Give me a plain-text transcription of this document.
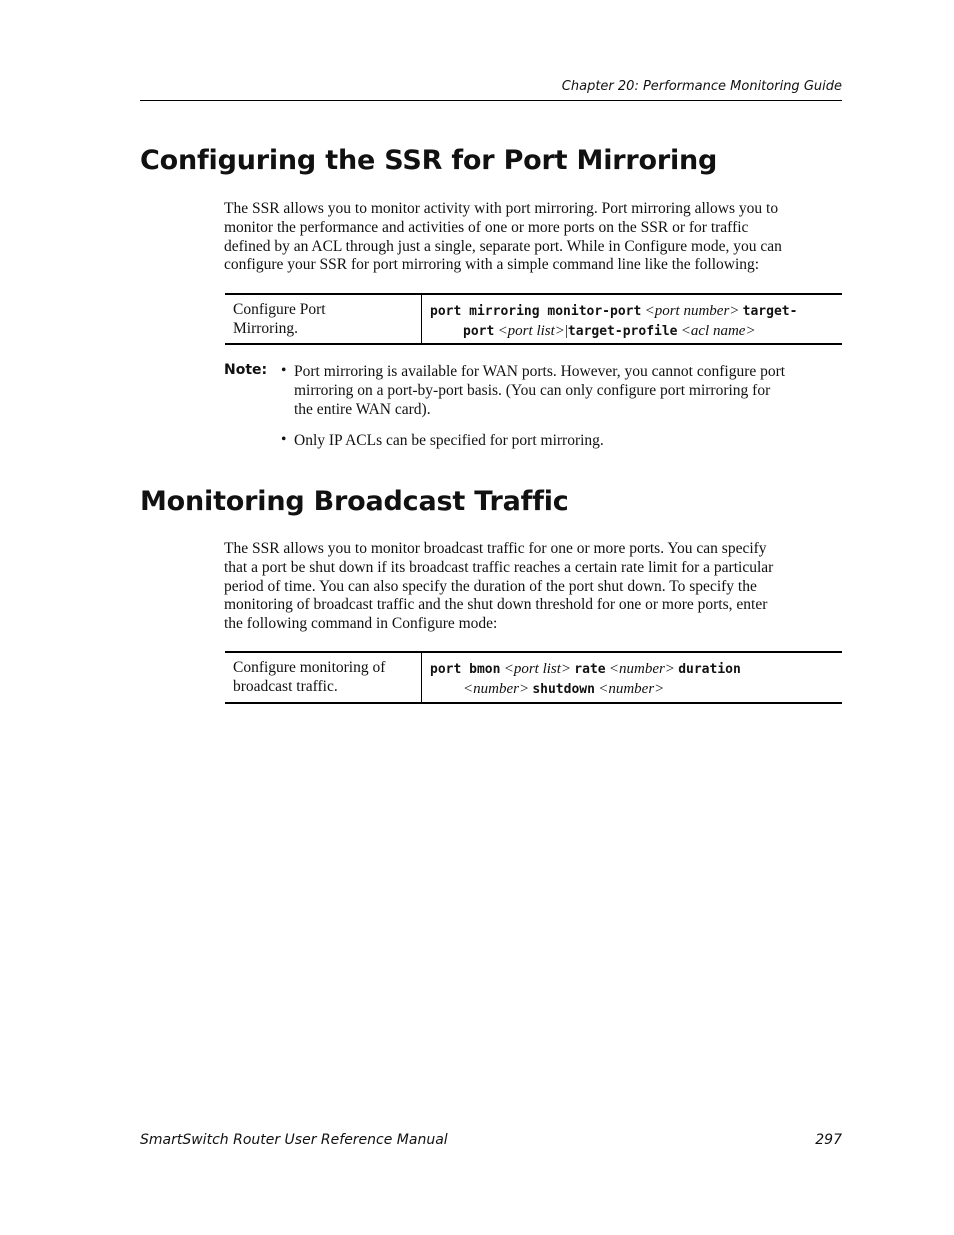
Chapter 20: Performance Monitoring Guide
Configuring the SSR for Port Mirroring
The SSR allows you to monitor activity with port mirroring. Port mirroring allows you to
monitor the performance and activities of one or more ports on the SSR or for traffic
defined by an ACL through just a single, separate port. While in Configure mode, you can
configure your SSR for port mirroring with a simple command line like the following:
Configure Port
Mirroring.
port mirroring monitor-port <port number> target-
port <port list>|target-profile <acl name>
Note: • Port mirroring is available for WAN ports. However, you cannot configure port
mirroring on a port-by-port basis. (You can only configure port mirroring for
the entire WAN card).
• Only IP ACLs can be specified for port mirroring.
Monitoring Broadcast Traffic
The SSR allows you to monitor broadcast traffic for one or more ports. You can specify
that a port be shut down if its broadcast traffic reaches a certain rate limit for a particular
period of time. You can also specify the duration of the port shut down. To specify the
monitoring of broadcast traffic and the shut down threshold for one or more ports, enter
the following command in Configure mode:
Configure monitoring of
broadcast traffic.
port bmon <port list> rate <number> duration
<number> shutdown <number>
SmartSwitch Router User Reference Manual	297
